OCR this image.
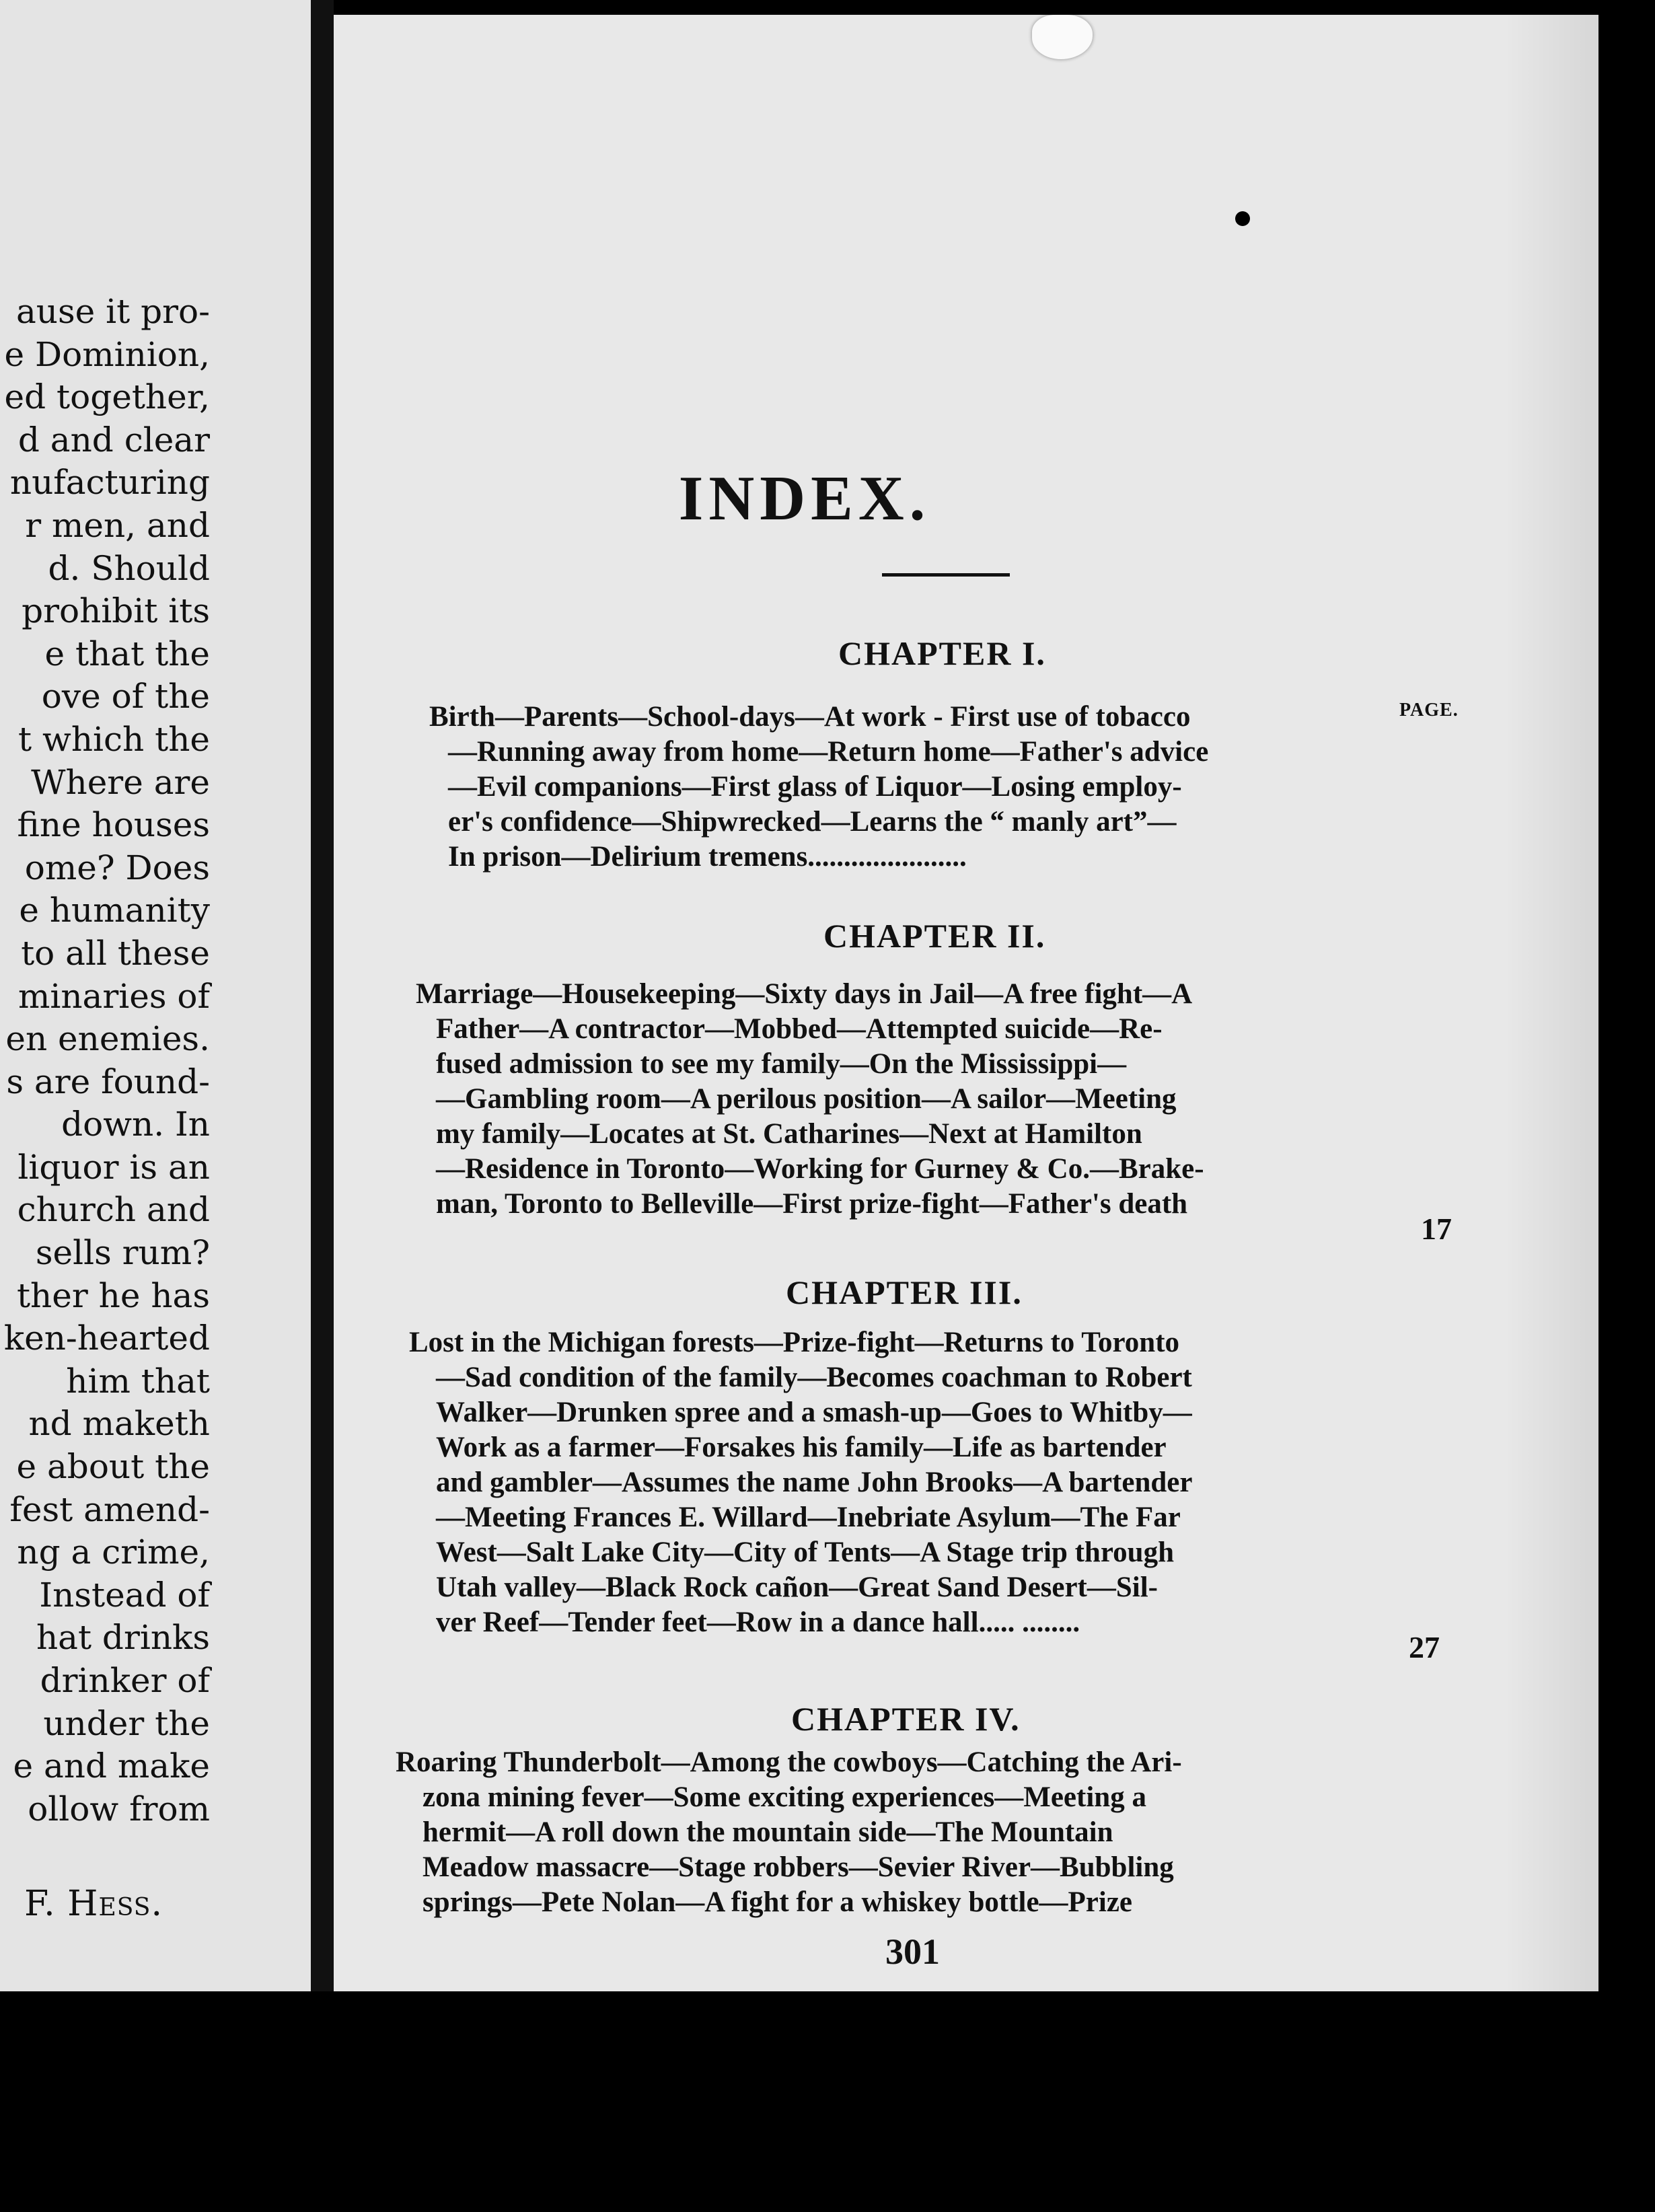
ause it pro-
e Dominion,
ed together,
d and clear
nufacturing
r men, and
d. Should
prohibit its
e that the
ove of the
t which the
Where are
fine houses
ome? Does
e humanity
to all these
minaries of
en enemies.
s are found-
down. In
liquor is an
church and
sells rum?
ther he has
ken-hearted
him that
nd maketh
e about the
fest amend-
ng a crime,
Instead of
hat drinks
drinker of
under the
e and make
ollow from
F. Hess.
INDEX.
CHAPTER I.
PAGE.
Birth—Parents—School-days—At work - First use of tobacco
—Running away from home—Return home—Father's advice
—Evil companions—First glass of Liquor—Losing employ-
er's confidence—Shipwrecked—Learns the “ manly art”—
In prison—Delirium tremens......................
CHAPTER II.
Marriage—Housekeeping—Sixty days in Jail—A free fight—A
Father—A contractor—Mobbed—Attempted suicide—Re-
fused admission to see my family—On the Mississippi—
—Gambling room—A perilous position—A sailor—Meeting
my family—Locates at St. Catharines—Next at Hamilton
—Residence in Toronto—Working for Gurney & Co.—Brake-
man, Toronto to Belleville—First prize-fight—Father's death
17
CHAPTER III.
Lost in the Michigan forests—Prize-fight—Returns to Toronto
—Sad condition of the family—Becomes coachman to Robert
Walker—Drunken spree and a smash-up—Goes to Whitby—
Work as a farmer—Forsakes his family—Life as bartender
and gambler—Assumes the name John Brooks—A bartender
—Meeting Frances E. Willard—Inebriate Asylum—The Far
West—Salt Lake City—City of Tents—A Stage trip through
Utah valley—Black Rock cañon—Great Sand Desert—Sil-
ver Reef—Tender feet—Row in a dance hall..... ........
27
CHAPTER IV.
Roaring Thunderbolt—Among the cowboys—Catching the Ari-
zona mining fever—Some exciting experiences—Meeting a
hermit—A roll down the mountain side—The Mountain
Meadow massacre—Stage robbers—Sevier River—Bubbling
springs—Pete Nolan—A fight for a whiskey bottle—Prize
301
